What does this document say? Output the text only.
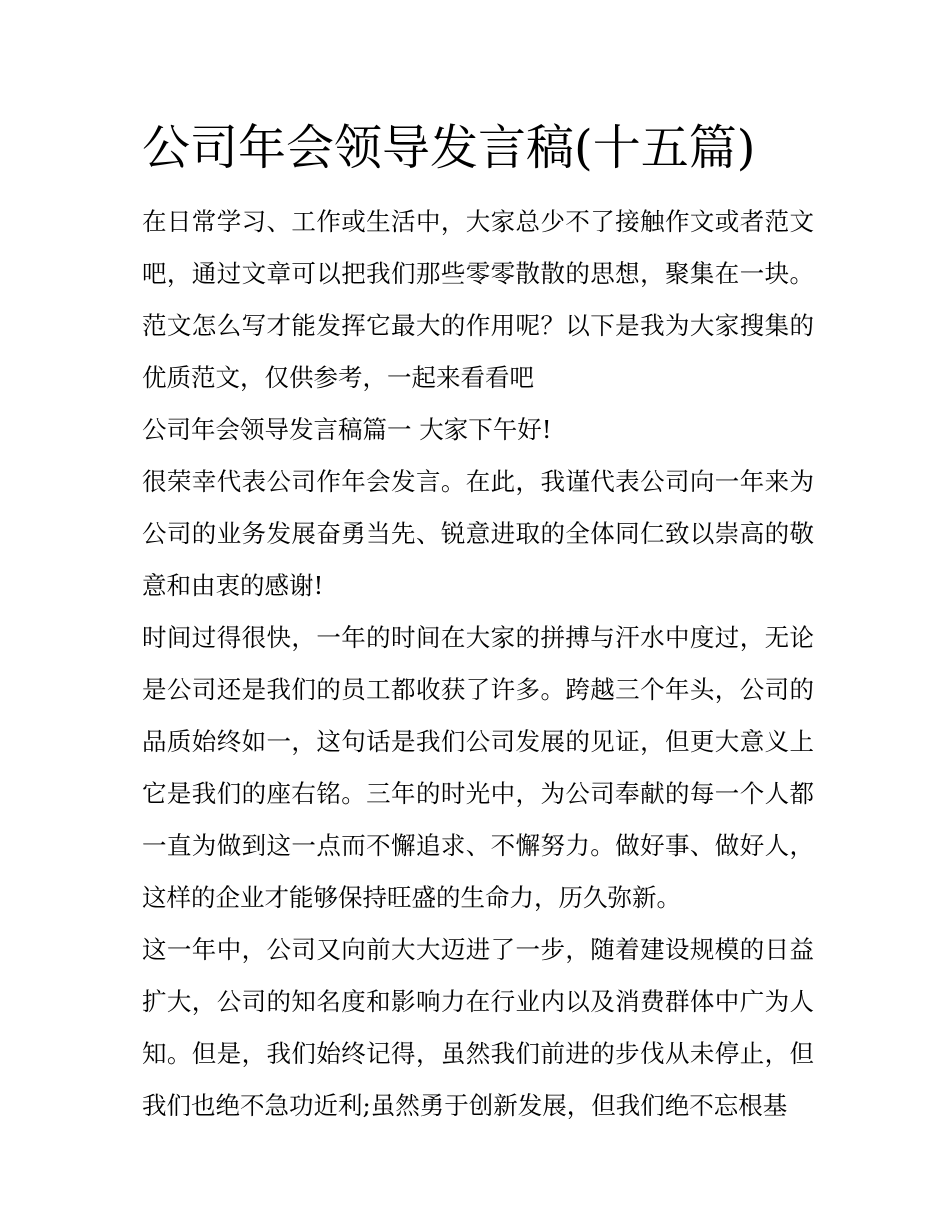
公司年会领导发言稿(十五篇)

在日常学习、工作或生活中，大家总少不了接触作文或者范文吧，通过文章可以把我们那些零零散散的思想，聚集在一块。范文怎么写才能发挥它最大的作用呢？以下是我为大家搜集的优质范文，仅供参考，一起来看看吧

公司年会领导发言稿篇一 大家下午好!

很荣幸代表公司作年会发言。在此，我谨代表公司向一年来为公司的业务发展奋勇当先、锐意进取的全体同仁致以崇高的敬意和由衷的感谢!

时间过得很快，一年的时间在大家的拼搏与汗水中度过，无论是公司还是我们的员工都收获了许多。跨越三个年头，公司的品质始终如一，这句话是我们公司发展的见证，但更大意义上它是我们的座右铭。三年的时光中，为公司奉献的每一个人都一直为做到这一点而不懈追求、不懈努力。做好事、做好人，这样的企业才能够保持旺盛的生命力，历久弥新。

这一年中，公司又向前大大迈进了一步，随着建设规模的日益扩大，公司的知名度和影响力在行业内以及消费群体中广为人知。但是，我们始终记得，虽然我们前进的步伐从未停止，但我们也绝不急功近利;虽然勇于创新发展，但我们绝不忘根基
